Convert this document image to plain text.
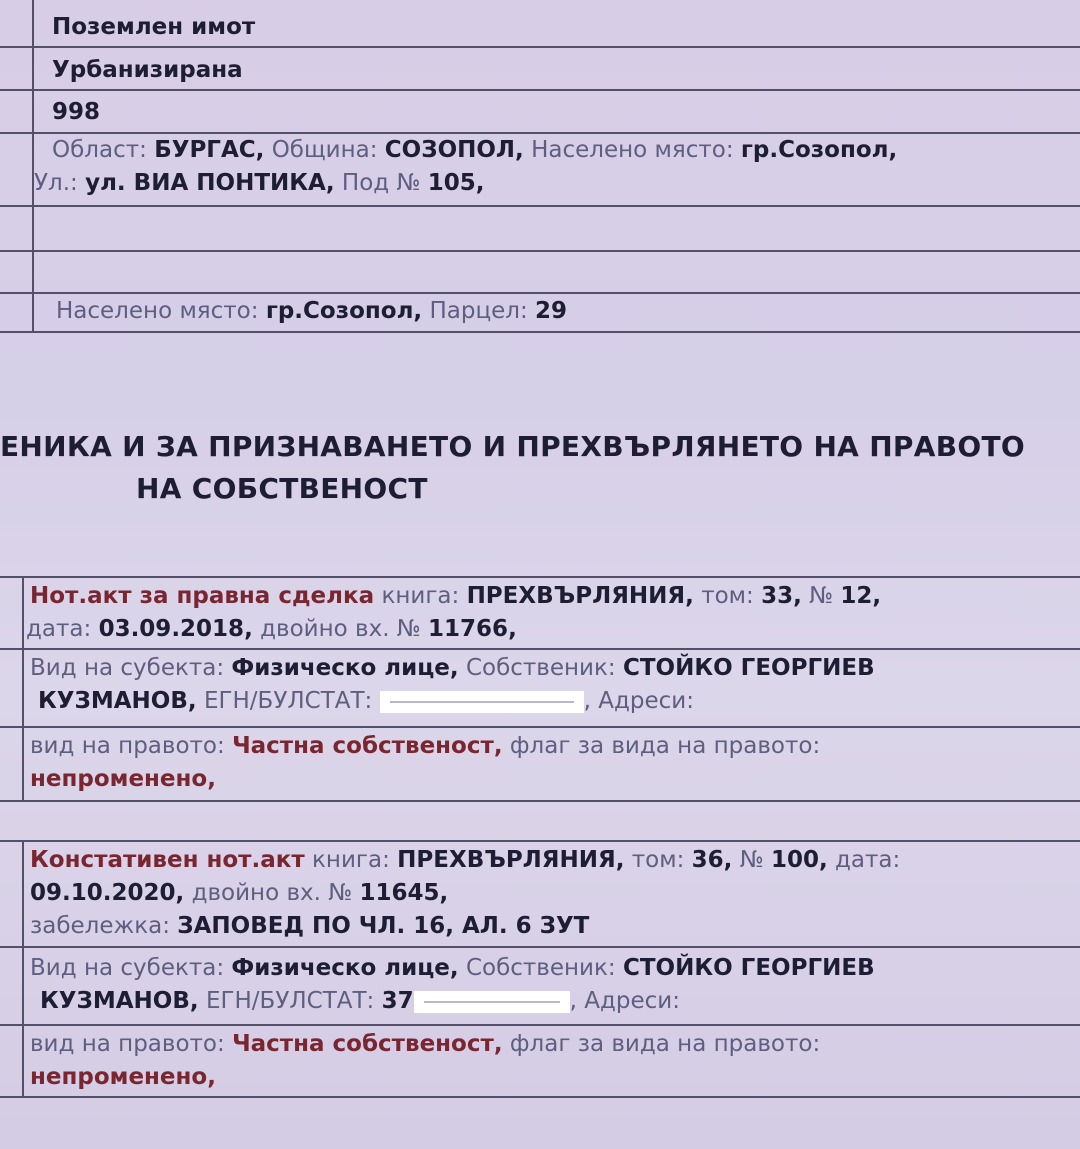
Поземлен имот
Урбанизирана
998
Област: БУРГАС, Община: СОЗОПОЛ, Населено място: гр.Созопол,
Ул.: ул. ВИА ПОНТИКА, Под № 105,
Населено място: гр.Созопол, Парцел: 29
ЕНИКА И ЗА ПРИЗНАВАНЕТО И ПРЕХВЪРЛЯНЕТО НА ПРАВОТО
НА СОБСТВЕНОСТ
Нот.акт за правна сделка книга: ПРЕХВЪРЛЯНИЯ, том: 33, № 12,
дата: 03.09.2018, двойно вх. № 11766,
Вид на субекта: Физическо лице, Собственик: СТОЙКО ГЕОРГИЕВ
КУЗМАНОВ, ЕГН/БУЛСТАТ:	, Адреси:
вид на правото: Частна собственост, флаг за вида на правото:
непроменено,
Констативен нот.акт книга: ПРЕХВЪРЛЯНИЯ, том: 36, № 100, дата:
09.10.2020, двойно вх. № 11645,
забележка: ЗАПОВЕД ПО ЧЛ. 16, АЛ. 6 ЗУТ
Вид на субекта: Физическо лице, Собственик: СТОЙКО ГЕОРГИЕВ
КУЗМАНОВ, ЕГН/БУЛСТАТ: 37	, Адреси:
вид на правото: Частна собственост, флаг за вида на правото:
непроменено,
